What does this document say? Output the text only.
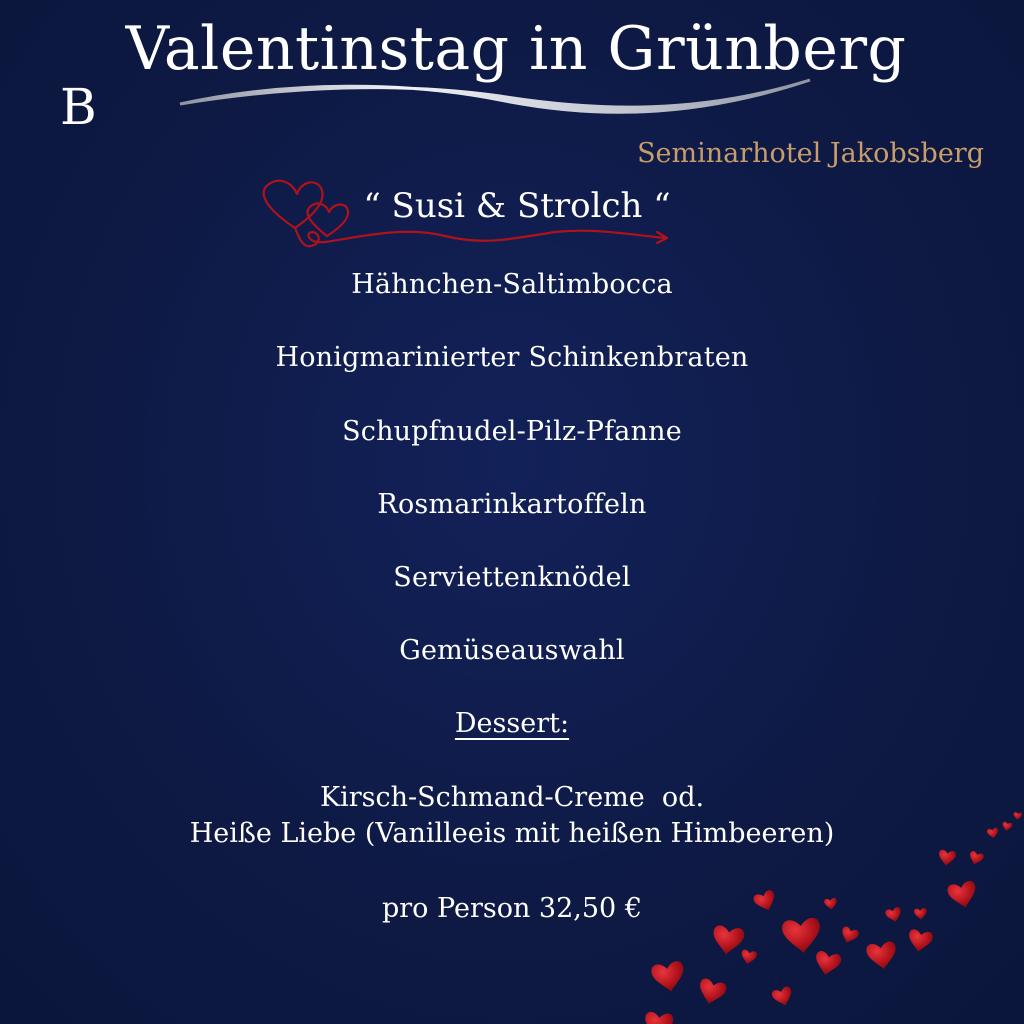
B
Valentinstag in Grünberg
Seminarhotel Jakobsberg
“ Susi & Strolch “
Hähnchen-Saltimbocca
Honigmarinierter Schinkenbraten
Schupfnudel-Pilz-Pfanne
Rosmarinkartoffeln
Serviettenknödel
Gemüseauswahl
Dessert:
Kirsch-Schmand-Creme  od.
Heiße Liebe (Vanilleeis mit heißen Himbeeren)
pro Person 32,50 €
